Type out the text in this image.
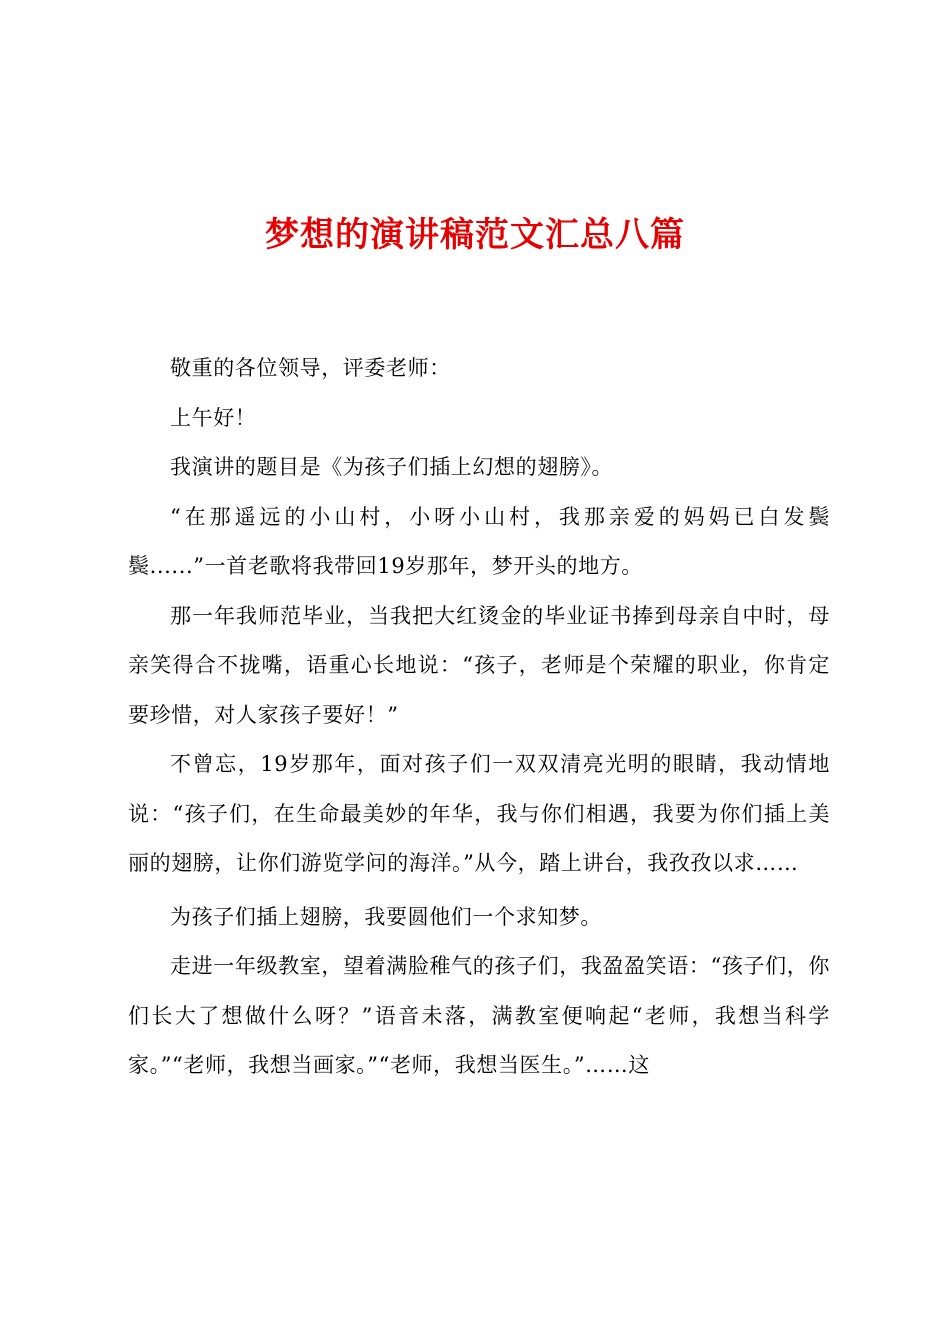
梦想的演讲稿范文汇总八篇

敬重的各位领导，评委老师：

上午好！

我演讲的题目是《为孩子们插上幻想的翅膀》。

“在那遥远的小山村，小呀小山村，我那亲爱的妈妈已白发鬓鬓......”一首老歌将我带回19岁那年，梦开头的地方。

那一年我师范毕业，当我把大红烫金的毕业证书捧到母亲自中时，母亲笑得合不拢嘴，语重心长地说：“孩子，老师是个荣耀的职业，你肯定要珍惜，对人家孩子要好！”

不曾忘，19岁那年，面对孩子们一双双清亮光明的眼睛，我动情地说：“孩子们，在生命最美妙的年华，我与你们相遇，我要为你们插上美丽的翅膀，让你们游览学问的海洋。”从今，踏上讲台，我孜孜以求……

为孩子们插上翅膀，我要圆他们一个求知梦。

走进一年级教室，望着满脸稚气的孩子们，我盈盈笑语：“孩子们，你们长大了想做什么呀？”语音未落，满教室便响起“老师，我想当科学家。”“老师，我想当画家。”“老师，我想当医生。”……这
